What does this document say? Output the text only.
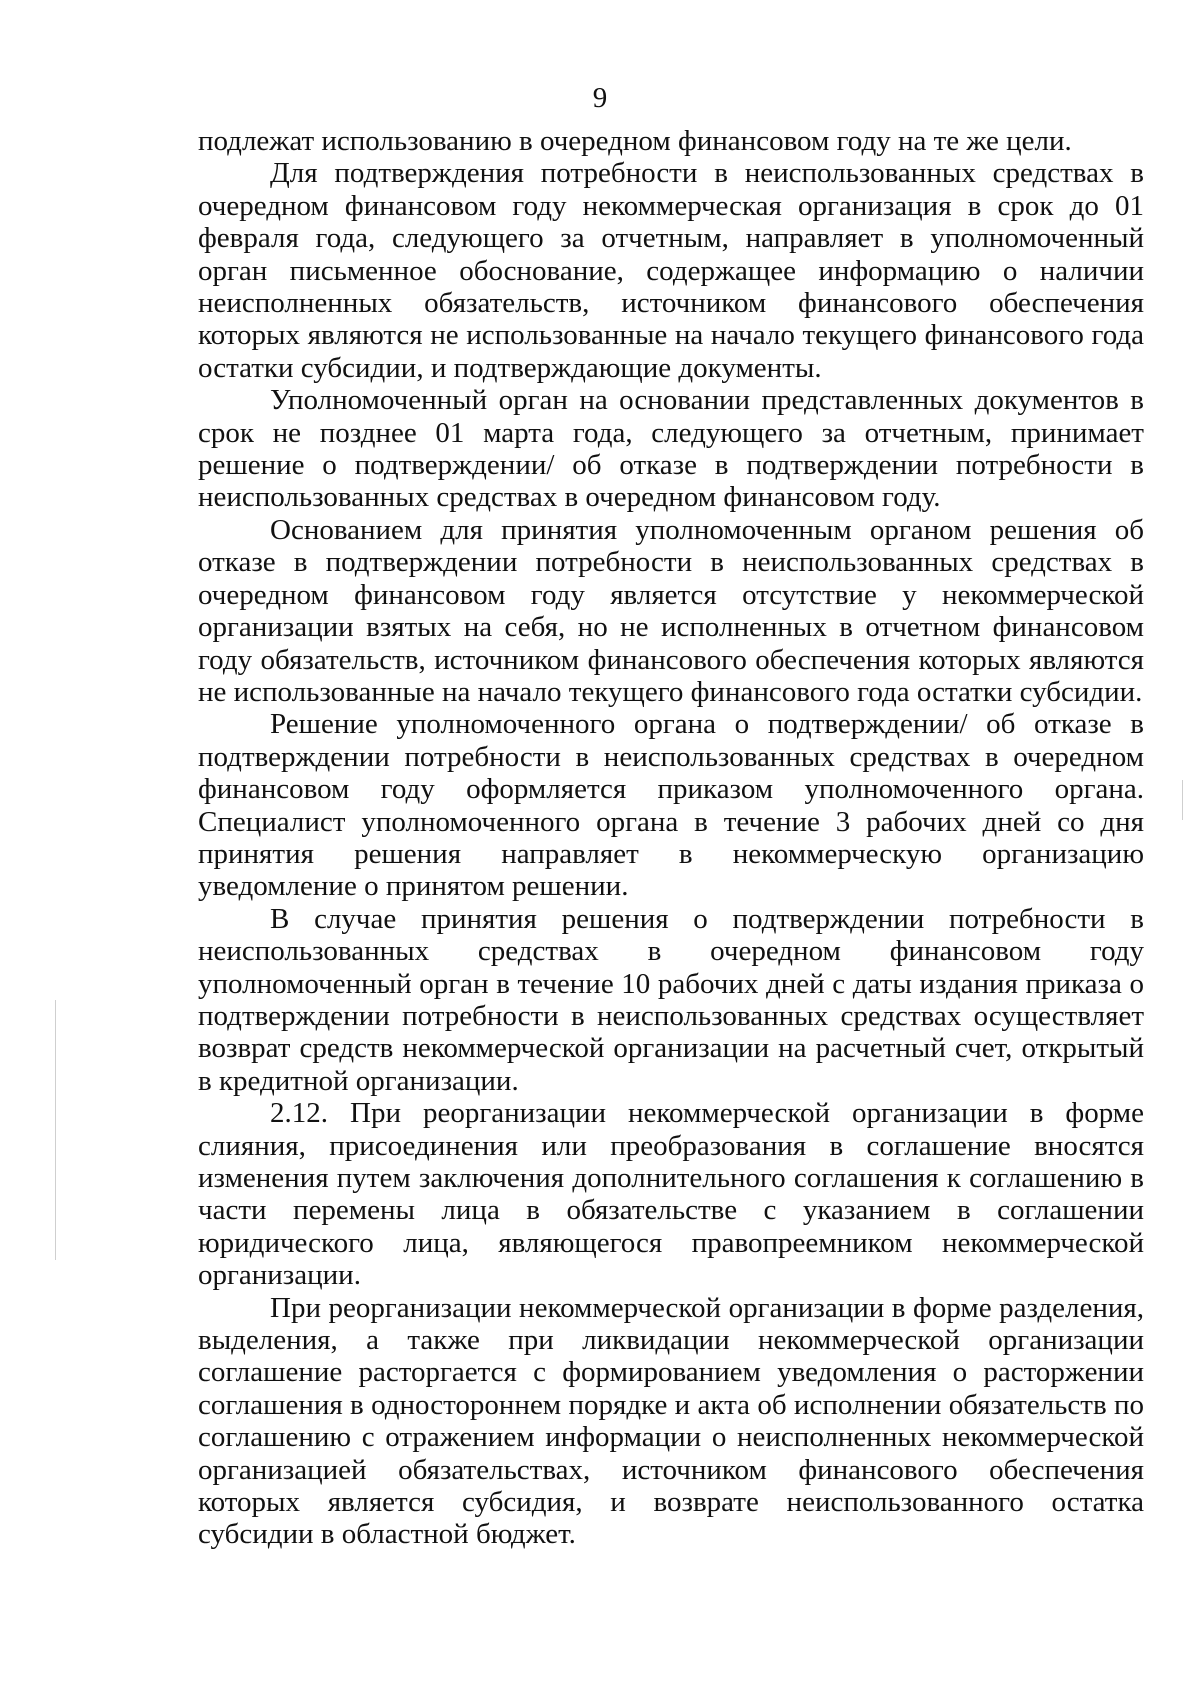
9

подлежат использованию в очередном финансовом году на те же цели.

Для подтверждения потребности в неиспользованных средствах в очередном финансовом году некоммерческая организация в срок до 01 февраля года, следующего за отчетным, направляет в уполномоченный орган письменное обоснование, содержащее информацию о наличии неисполненных обязательств, источником финансового обеспечения которых являются не использованные на начало текущего финансового года остатки субсидии, и подтверждающие документы.

Уполномоченный орган на основании представленных документов в срок не позднее 01 марта года, следующего за отчетным, принимает решение о подтверждении/ об отказе в подтверждении потребности в неиспользованных средствах в очередном финансовом году.

Основанием для принятия уполномоченным органом решения об отказе в подтверждении потребности в неиспользованных средствах в очередном финансовом году является отсутствие у некоммерческой организации взятых на себя, но не исполненных в отчетном финансовом году обязательств, источником финансового обеспечения которых являются не использованные на начало текущего финансового года остатки субсидии.

Решение уполномоченного органа о подтверждении/ об отказе в подтверждении потребности в неиспользованных средствах в очередном финансовом году оформляется приказом уполномоченного органа. Специалист уполномоченного органа в течение 3 рабочих дней со дня принятия решения направляет в некоммерческую организацию уведомление о принятом решении.

В случае принятия решения о подтверждении потребности в неиспользованных средствах в очередном финансовом году уполномоченный орган в течение 10 рабочих дней с даты издания приказа о подтверждении потребности в неиспользованных средствах осуществляет возврат средств некоммерческой организации на расчетный счет, открытый в кредитной организации.

2.12. При реорганизации некоммерческой организации в форме слияния, присоединения или преобразования в соглашение вносятся изменения путем заключения дополнительного соглашения к соглашению в части перемены лица в обязательстве с указанием в соглашении юридического лица, являющегося правопреемником некоммерческой организации.

При реорганизации некоммерческой организации в форме разделения, выделения, а также при ликвидации некоммерческой организации соглашение расторгается с формированием уведомления о расторжении соглашения в одностороннем порядке и акта об исполнении обязательств по соглашению с отражением информации о неисполненных некоммерческой организацией обязательствах, источником финансового обеспечения которых является субсидия, и возврате неиспользованного остатка субсидии в областной бюджет.
